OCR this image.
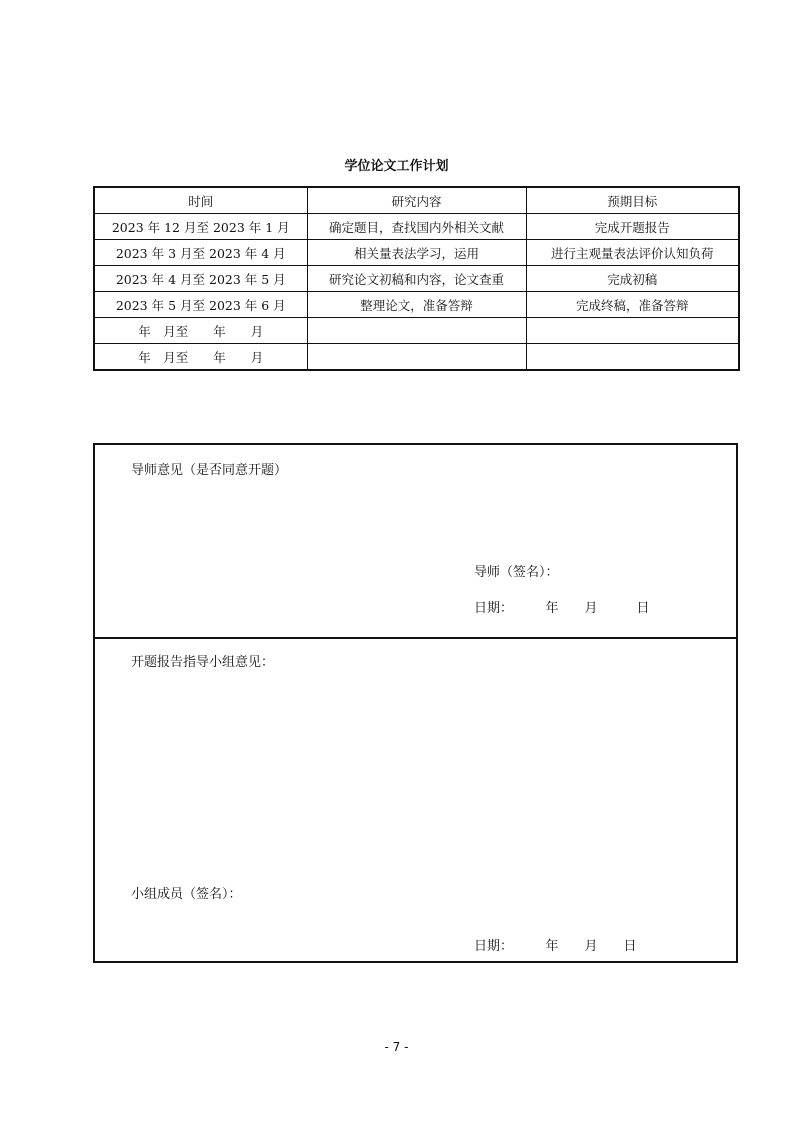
学位论文工作计划
时间	研究内容	预期目标
2023 年 12 月至 2023 年 1 月	确定题目，查找国内外相关文献	完成开题报告
2023 年 3 月至 2023 年 4 月	相关量表法学习，运用	进行主观量表法评价认知负荷
2023 年 4 月至 2023 年 5 月	研究论文初稿和内容，论文查重	完成初稿
2023 年 5 月至 2023 年 6 月	整理论文，准备答辩	完成终稿，准备答辩
年　月至　　年　　月		
年　月至　　年　　月		
导师意见（是否同意开题）
导师（签名）：
日期：　　　年　　月　　　日
开题报告指导小组意见：
小组成员（签名）：
日期：　　　年　　月　　日
- 7 -
